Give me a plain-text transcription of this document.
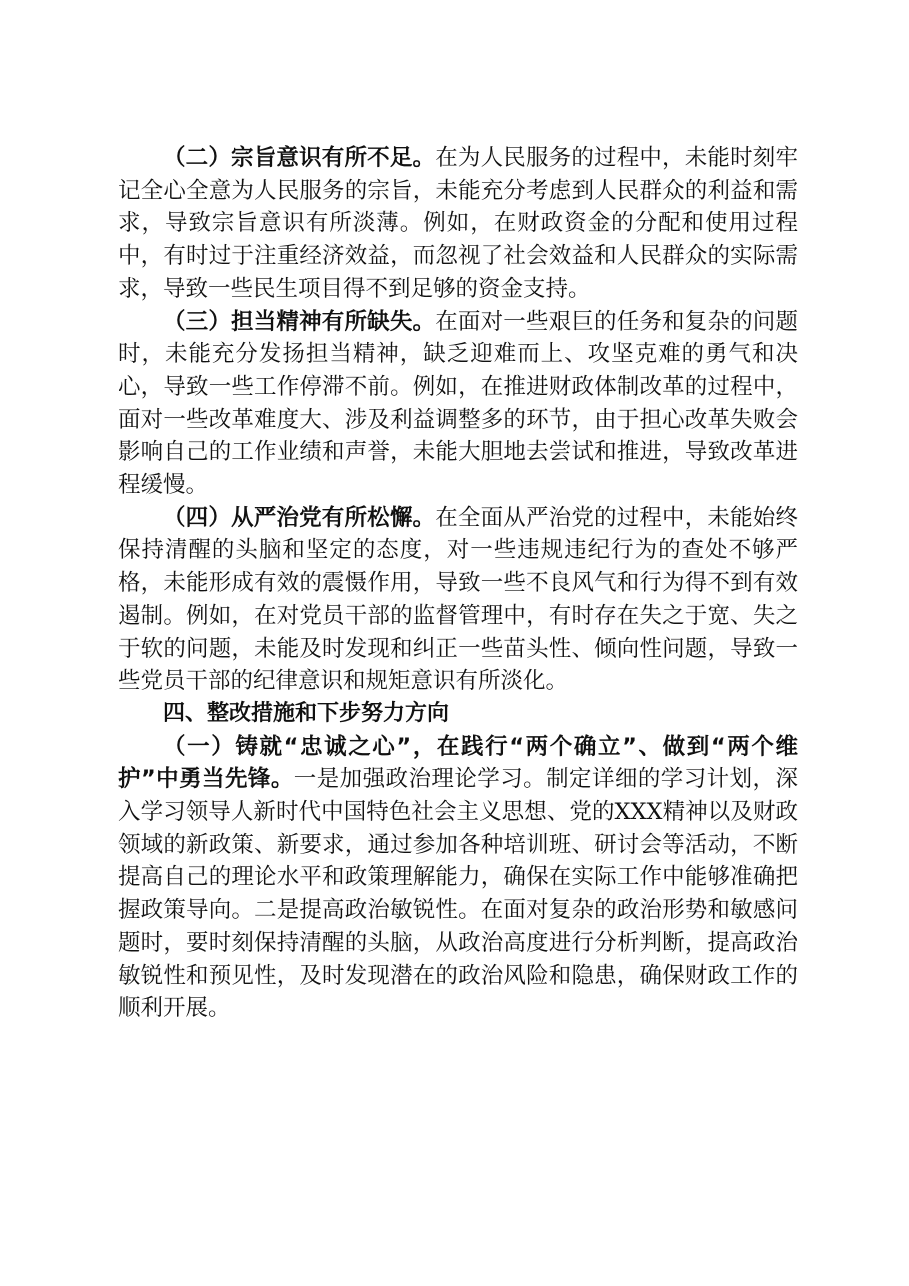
（二）宗旨意识有所不足。在为人民服务的过程中，未能时刻牢记全心全意为人民服务的宗旨，未能充分考虑到人民群众的利益和需求，导致宗旨意识有所淡薄。例如，在财政资金的分配和使用过程中，有时过于注重经济效益，而忽视了社会效益和人民群众的实际需求，导致一些民生项目得不到足够的资金支持。

（三）担当精神有所缺失。在面对一些艰巨的任务和复杂的问题时，未能充分发扬担当精神，缺乏迎难而上、攻坚克难的勇气和决心，导致一些工作停滞不前。例如，在推进财政体制改革的过程中，面对一些改革难度大、涉及利益调整多的环节，由于担心改革失败会影响自己的工作业绩和声誉，未能大胆地去尝试和推进，导致改革进程缓慢。

（四）从严治党有所松懈。在全面从严治党的过程中，未能始终保持清醒的头脑和坚定的态度，对一些违规违纪行为的查处不够严格，未能形成有效的震慑作用，导致一些不良风气和行为得不到有效遏制。例如，在对党员干部的监督管理中，有时存在失之于宽、失之于软的问题，未能及时发现和纠正一些苗头性、倾向性问题，导致一些党员干部的纪律意识和规矩意识有所淡化。

四、整改措施和下步努力方向

（一）铸就“忠诚之心”，在践行“两个确立”、做到“两个维护”中勇当先锋。一是加强政治理论学习。制定详细的学习计划，深入学习领导人新时代中国特色社会主义思想、党的XXX精神以及财政领域的新政策、新要求，通过参加各种培训班、研讨会等活动，不断提高自己的理论水平和政策理解能力，确保在实际工作中能够准确把握政策导向。二是提高政治敏锐性。在面对复杂的政治形势和敏感问题时，要时刻保持清醒的头脑，从政治高度进行分析判断，提高政治敏锐性和预见性，及时发现潜在的政治风险和隐患，确保财政工作的顺利开展。
